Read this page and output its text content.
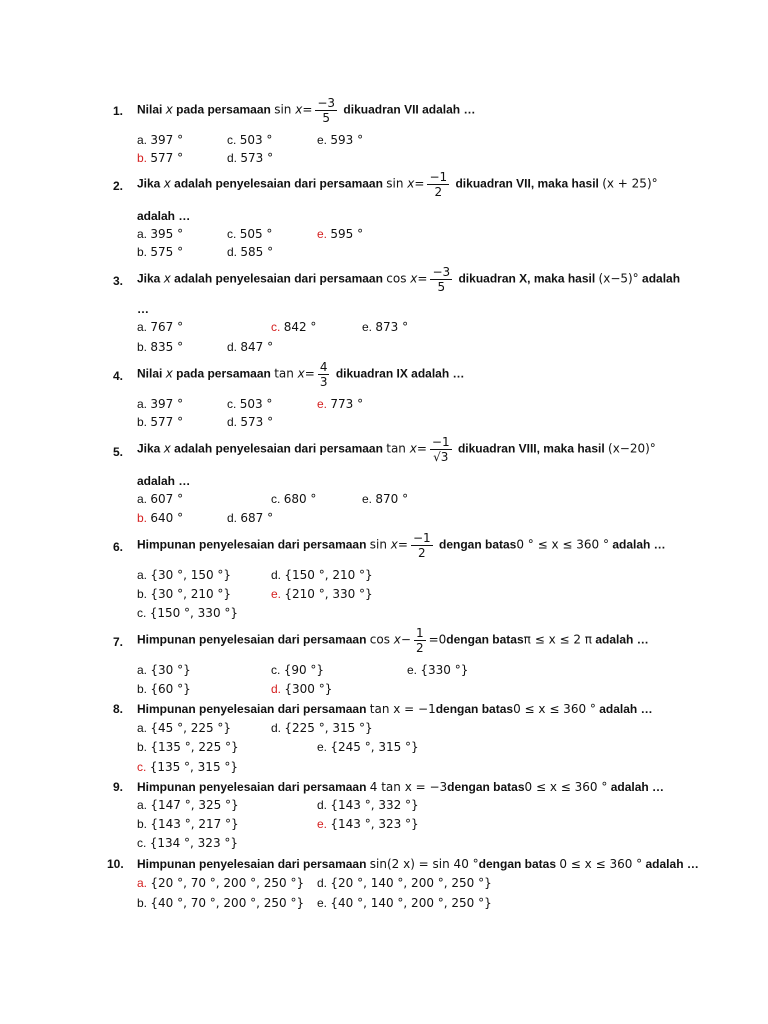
1. Nilai x pada persamaan $\sin x= \frac{-3}{5}$ dikuadran VII adalah …
a. 397 °	c. 503 °	e. 593 °
b. 577 °	d. 573 °
2. Jika x adalah penyelesaian dari persamaan $\sin x= \frac{-1}{2}$ dikuadran VII, maka hasil (x + 25)°
adalah …
a. 395 °	c. 505 °	e. 595 °
b. 575 °	d. 585 °
3. Jika x adalah penyelesaian dari persamaan $\cos x= \frac{-3}{5}$ dikuadran X, maka hasil (x−5)° adalah
…
a. 767 °	c. 842 °	e. 873 °
b. 835 °	d. 847 °
4. Nilai x pada persamaan $\tan x= \frac{4}{3}$ dikuadran IX adalah …
a. 397 °	c. 503 °	e. 773 °
b. 577 °	d. 573 °
5. Jika x adalah penyelesaian dari persamaan $\tan x= \frac{-1}{√3}$ dikuadran VIII, maka hasil (x−20)°
adalah …
a. 607 °	c. 680 °	e. 870 °
b. 640 °	d. 687 °
6. Himpunan penyelesaian dari persamaan $\sin x= \frac{-1}{2}$ dengan batas0 ° ≤ x ≤ 360 ° adalah …
a. {30 °, 150 °}	d. {150 °, 210 °}
b. {30 °, 210 °}	e. {210 °, 330 °}
c. {150 °, 330 °}
7. Himpunan penyelesaian dari persamaan $\cos x- \frac{1}{2}$ =0dengan batasπ ≤ x ≤ 2 π adalah …
a. {30 °}	c. {90 °}	e. {330 °}
b. {60 °}	d. {300 °}
8. Himpunan penyelesaian dari persamaan tan x = −1dengan batas0 ≤ x ≤ 360 ° adalah …
a. {45 °, 225 °}	d. {225 °, 315 °}
b. {135 °, 225 °}	e. {245 °, 315 °}
c. {135 °, 315 °}
9. Himpunan penyelesaian dari persamaan 4 tan x = −3dengan batas0 ≤ x ≤ 360 ° adalah …
a. {147 °, 325 °}	d. {143 °, 332 °}
b. {143 °, 217 °}	e. {143 °, 323 °}
c. {134 °, 323 °}
10. Himpunan penyelesaian dari persamaan sin(2 x) = sin 40 °dengan batas 0 ≤ x ≤ 360 ° adalah …
a. {20 °, 70 °, 200 °, 250 °} d. {20 °, 140 °, 200 °, 250 °}
b. {40 °, 70 °, 200 °, 250 °} e. {40 °, 140 °, 200 °, 250 °}
